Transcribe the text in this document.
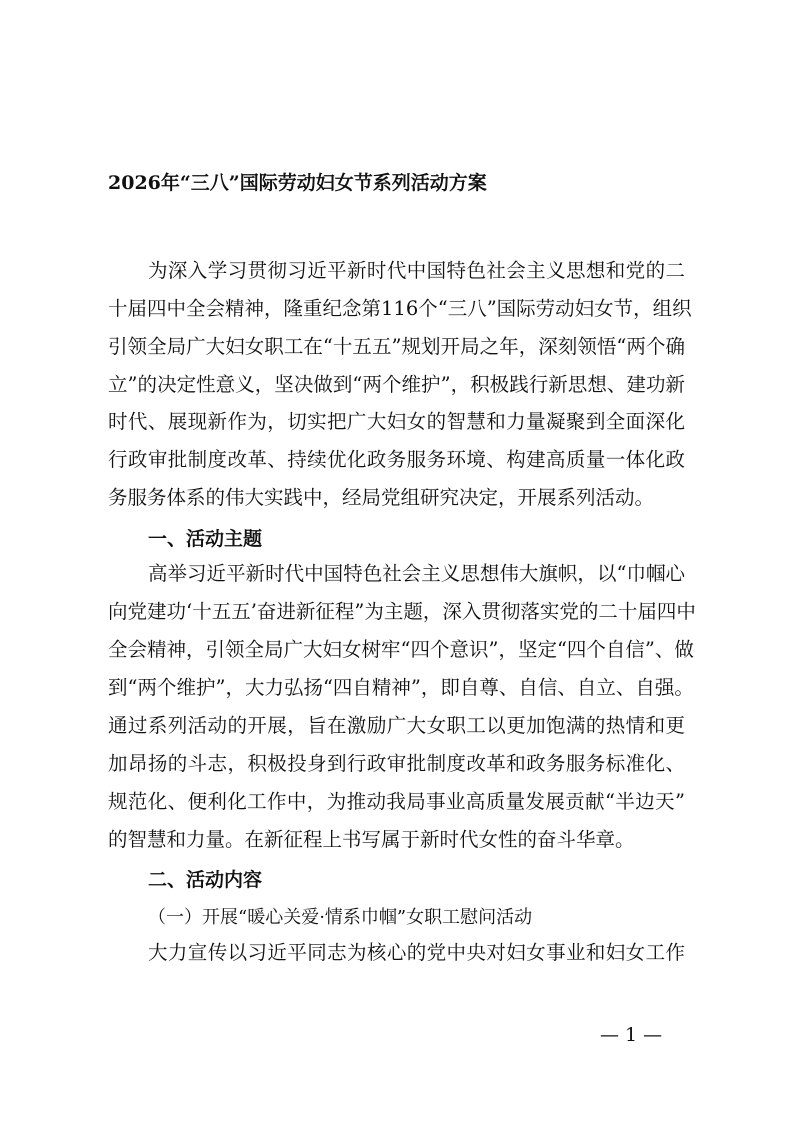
2026年“三八”国际劳动妇女节系列活动方案
为深入学习贯彻习近平新时代中国特色社会主义思想和党的二
十届四中全会精神，隆重纪念第116个“三八”国际劳动妇女节，组织
引领全局广大妇女职工在“十五五”规划开局之年，深刻领悟“两个确
立”的决定性意义，坚决做到“两个维护”，积极践行新思想、建功新
时代、展现新作为，切实把广大妇女的智慧和力量凝聚到全面深化
行政审批制度改革、持续优化政务服务环境、构建高质量一体化政
务服务体系的伟大实践中，经局党组研究决定，开展系列活动。
一、活动主题
高举习近平新时代中国特色社会主义思想伟大旗帜，以“巾帼心
向党建功‘十五五’奋进新征程”为主题，深入贯彻落实党的二十届四中
全会精神，引领全局广大妇女树牢“四个意识”，坚定“四个自信”、做
到“两个维护”，大力弘扬“四自精神”，即自尊、自信、自立、自强。
通过系列活动的开展，旨在激励广大女职工以更加饱满的热情和更
加昂扬的斗志，积极投身到行政审批制度改革和政务服务标准化、
规范化、便利化工作中，为推动我局事业高质量发展贡献“半边天”
的智慧和力量。在新征程上书写属于新时代女性的奋斗华章。
二、活动内容
（一）开展“暖心关爱·情系巾帼”女职工慰问活动
大力宣传以习近平同志为核心的党中央对妇女事业和妇女工作
— 1 —
